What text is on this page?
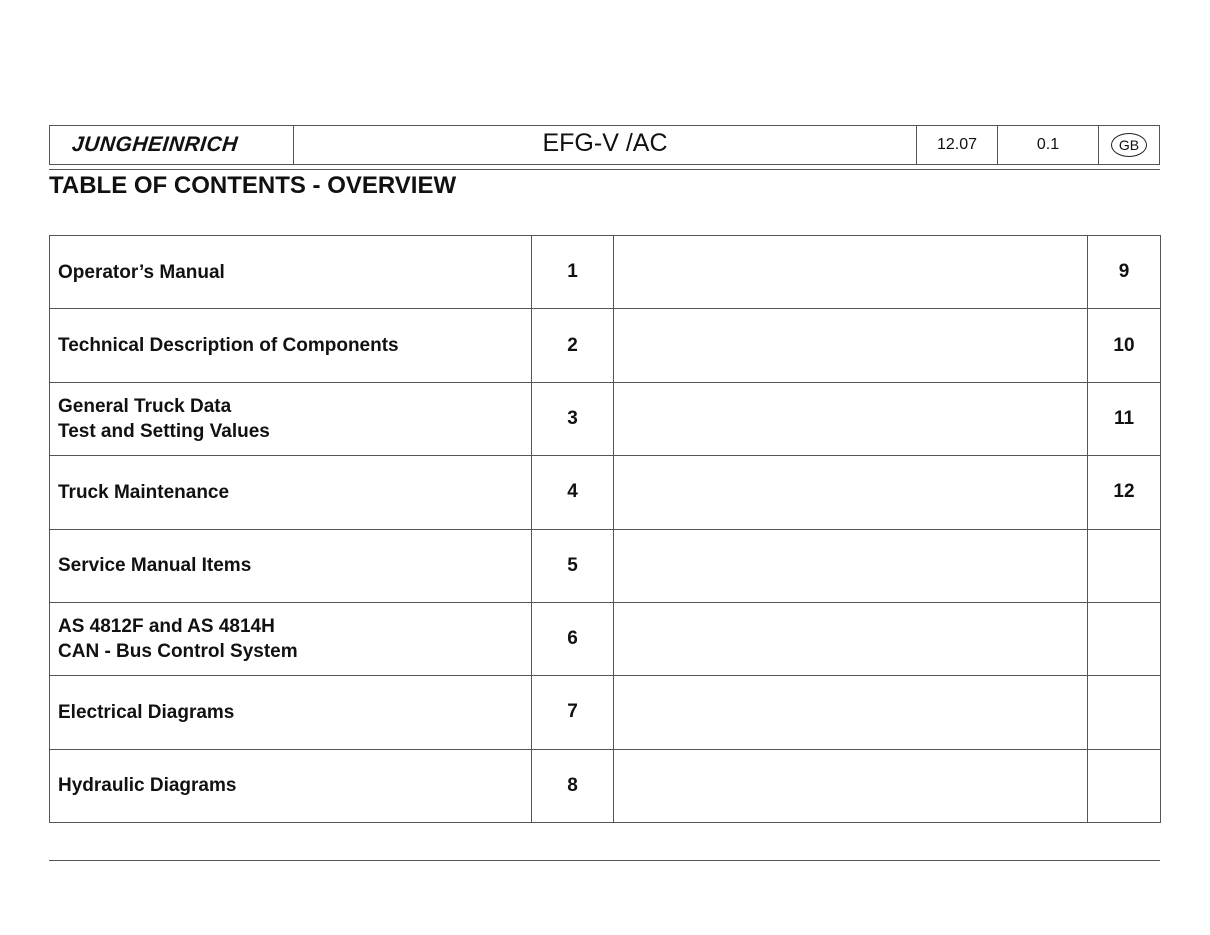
JUNGHEINRICH	EFG-V /AC	12.07	0.1	GB
TABLE OF CONTENTS - OVERVIEW
Operator’s Manual	1		9

Technical Description of Components	2		10

General Truck Data
Test and Setting Values	3		11

Truck Maintenance	4		12

Service Manual Items	5		

AS 4812F and AS 4814H
CAN - Bus Control System	6		

Electrical Diagrams	7		

Hydraulic Diagrams	8		
